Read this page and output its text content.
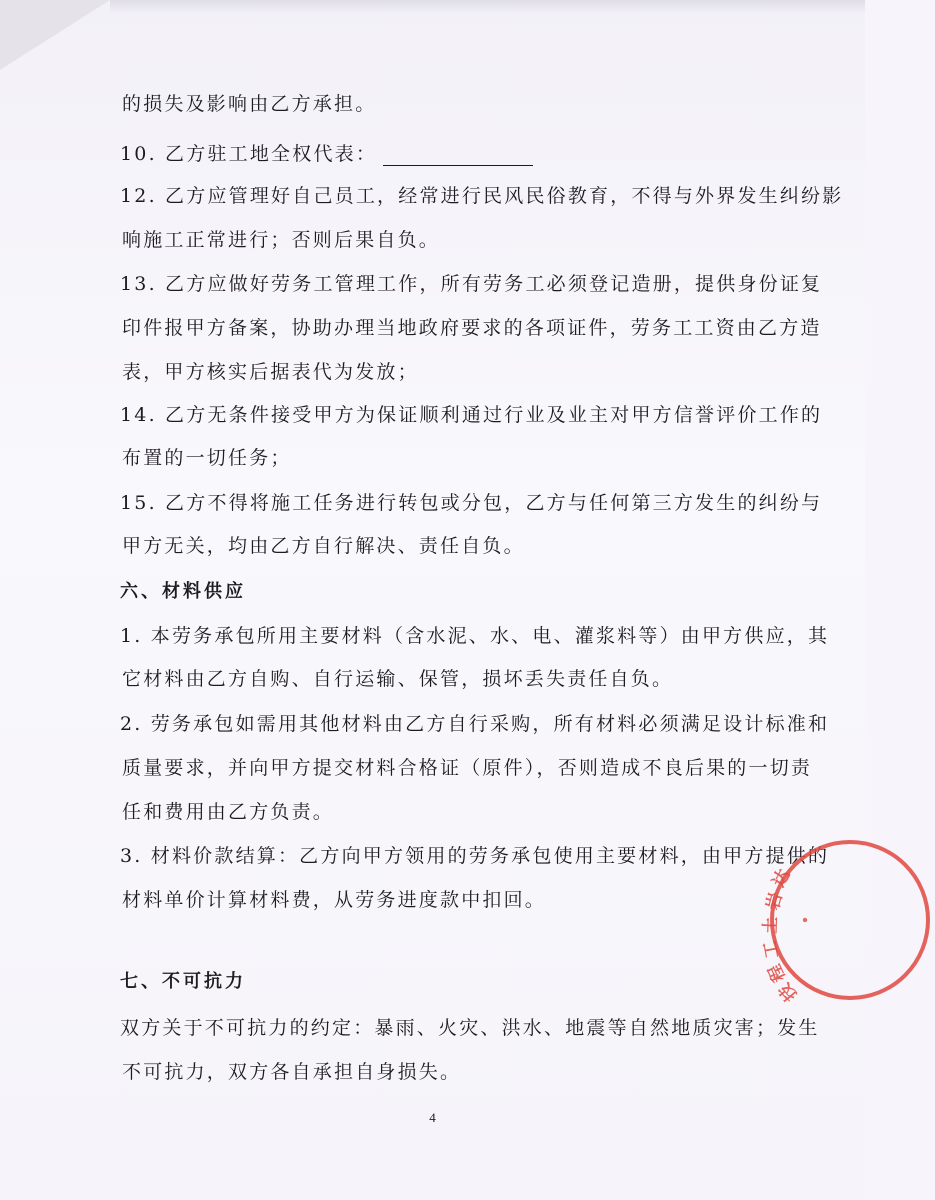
的损失及影响由乙方承担。
10. 乙方驻工地全权代表：
12. 乙方应管理好自己员工，经常进行民风民俗教育，不得与外界发生纠纷影
响施工正常进行；否则后果自负。
13. 乙方应做好劳务工管理工作，所有劳务工必须登记造册，提供身份证复
印件报甲方备案，协助办理当地政府要求的各项证件，劳务工工资由乙方造
表，甲方核实后据表代为发放；
14. 乙方无条件接受甲方为保证顺利通过行业及业主对甲方信誉评价工作的
布置的一切任务；
15. 乙方不得将施工任务进行转包或分包，乙方与任何第三方发生的纠纷与
甲方无关，均由乙方自行解决、责任自负。
六、材料供应
1. 本劳务承包所用主要材料（含水泥、水、电、灌浆料等）由甲方供应，其
它材料由乙方自购、自行运输、保管，损坏丢失责任自负。
2. 劳务承包如需用其他材料由乙方自行采购，所有材料必须满足设计标准和
质量要求，并向甲方提交材料合格证（原件），否则造成不良后果的一切责
任和费用由乙方负责。
3. 材料价款结算：乙方向甲方领用的劳务承包使用主要材料，由甲方提供的
材料单价计算材料费，从劳务进度款中扣回。
七、不可抗力
双方关于不可抗力的约定：暴雨、火灾、洪水、地震等自然地质灾害；发生
不可抗力，双方各自承担自身损失。
4
达
岩
土
工
程
技
